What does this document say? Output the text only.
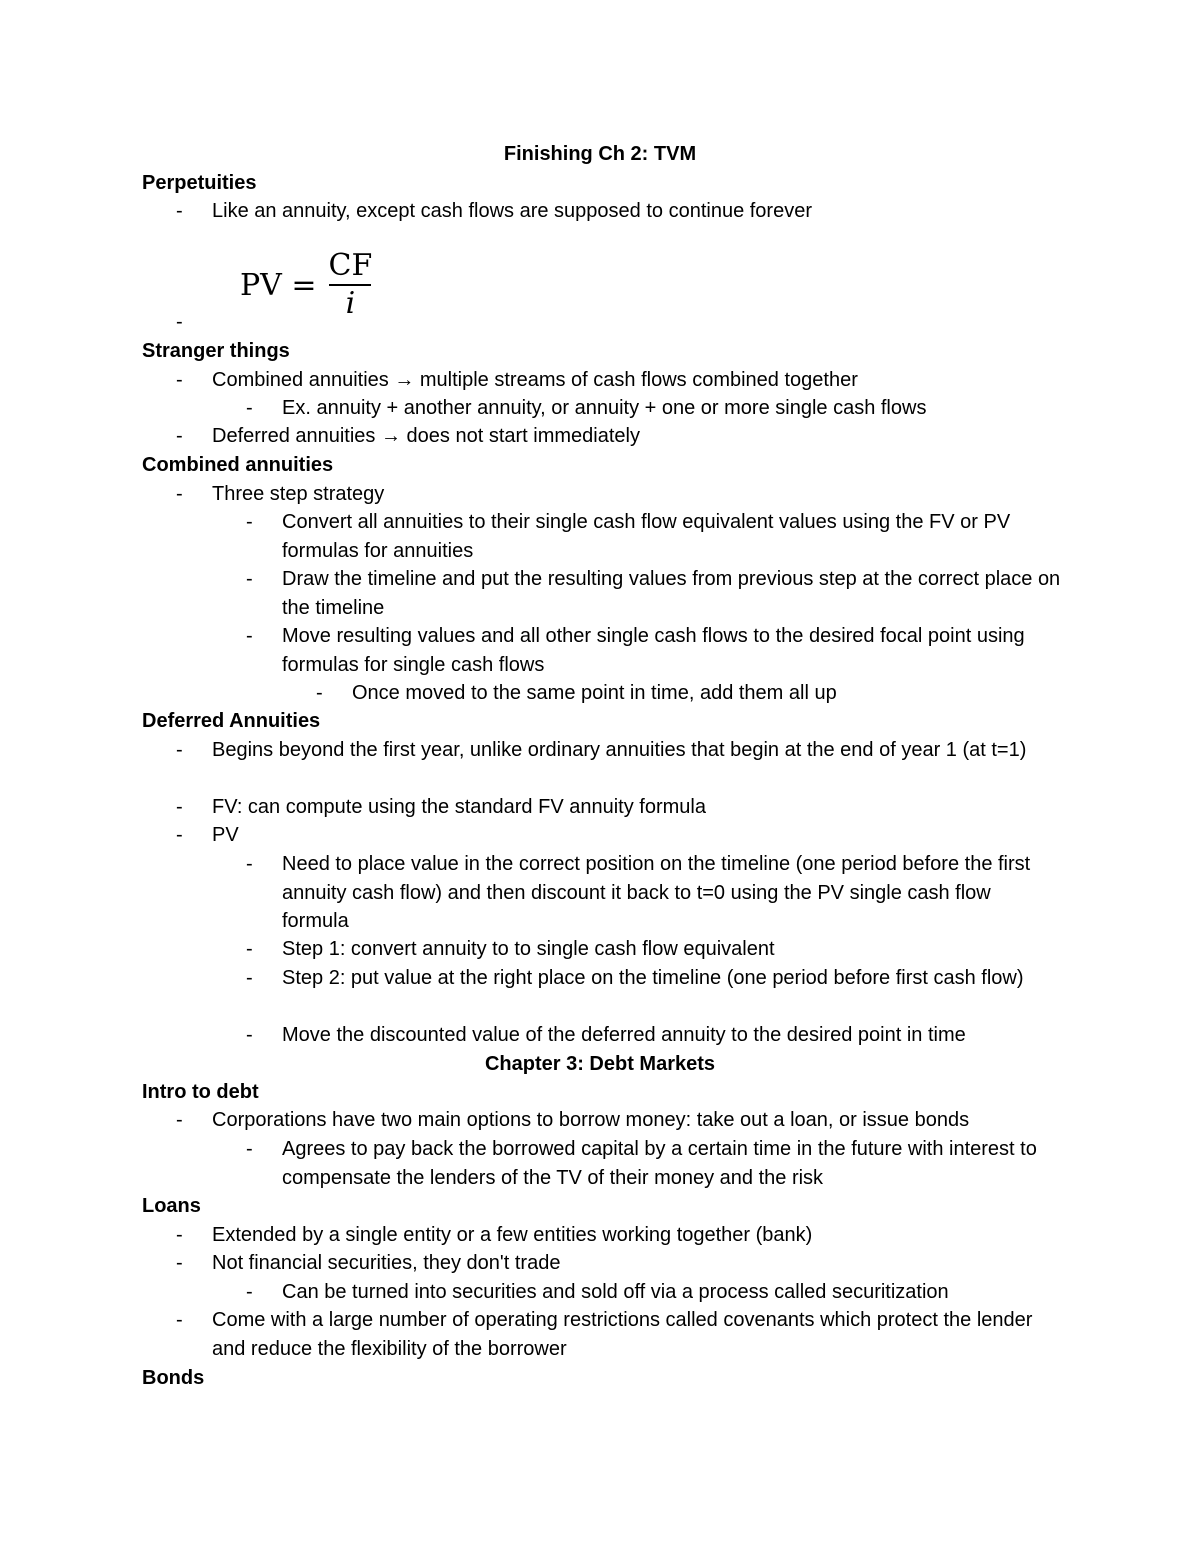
Finishing Ch 2: TVM
Perpetuities
- Like an annuity, except cash flows are supposed to continue forever
PV = $\frac{CF}{i}$
-
Stranger things
- Combined annuities → multiple streams of cash flows combined together
- Ex. annuity + another annuity, or annuity + one or more single cash flows
- Deferred annuities → does not start immediately
Combined annuities
- Three step strategy
- Convert all annuities to their single cash flow equivalent values using the FV or PV formulas for annuities
- Draw the timeline and put the resulting values from previous step at the correct place on the timeline
- Move resulting values and all other single cash flows to the desired focal point using formulas for single cash flows
- Once moved to the same point in time, add them all up
Deferred Annuities
- Begins beyond the first year, unlike ordinary annuities that begin at the end of year 1 (at t=1)
- FV: can compute using the standard FV annuity formula
- PV
- Need to place value in the correct position on the timeline (one period before the first annuity cash flow) and then discount it back to t=0 using the PV single cash flow formula
- Step 1: convert annuity to to single cash flow equivalent
- Step 2: put value at the right place on the timeline (one period before first cash flow)
- Move the discounted value of the deferred annuity to the desired point in time
Chapter 3: Debt Markets
Intro to debt
- Corporations have two main options to borrow money: take out a loan, or issue bonds
- Agrees to pay back the borrowed capital by a certain time in the future with interest to compensate the lenders of the TV of their money and the risk
Loans
- Extended by a single entity or a few entities working together (bank)
- Not financial securities, they don't trade
- Can be turned into securities and sold off via a process called securitization
- Come with a large number of operating restrictions called covenants which protect the lender and reduce the flexibility of the borrower
Bonds
